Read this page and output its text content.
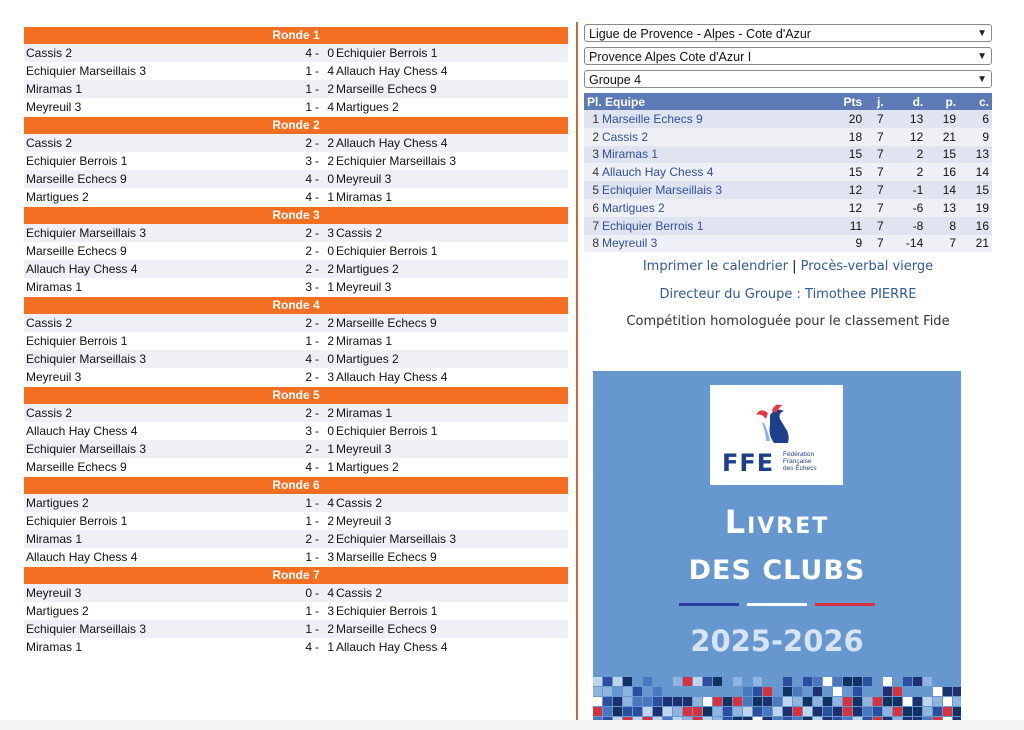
Ronde 1
Cassis 2	4 - 0 Echiquier Berrois 1
Echiquier Marseillais 3	1 - 4 Allauch Hay Chess 4
Miramas 1	1 - 2 Marseille Echecs 9
Meyreuil 3	1 - 4 Martigues 2
Ronde 2
Cassis 2	2 - 2 Allauch Hay Chess 4
Echiquier Berrois 1	3 - 2 Echiquier Marseillais 3
Marseille Echecs 9	4 - 0 Meyreuil 3
Martigues 2	4 - 1 Miramas 1
Ronde 3
Echiquier Marseillais 3	2 - 3 Cassis 2
Marseille Echecs 9	2 - 0 Echiquier Berrois 1
Allauch Hay Chess 4	2 - 2 Martigues 2
Miramas 1	3 - 1 Meyreuil 3
Ronde 4
Cassis 2	2 - 2 Marseille Echecs 9
Echiquier Berrois 1	1 - 2 Miramas 1
Echiquier Marseillais 3	4 - 0 Martigues 2
Meyreuil 3	2 - 3 Allauch Hay Chess 4
Ronde 5
Cassis 2	2 - 2 Miramas 1
Allauch Hay Chess 4	3 - 0 Echiquier Berrois 1
Echiquier Marseillais 3	2 - 1 Meyreuil 3
Marseille Echecs 9	4 - 1 Martigues 2
Ronde 6
Martigues 2	1 - 4 Cassis 2
Echiquier Berrois 1	1 - 2 Meyreuil 3
Miramas 1	2 - 2 Echiquier Marseillais 3
Allauch Hay Chess 4	1 - 3 Marseille Echecs 9
Ronde 7
Meyreuil 3	0 - 4 Cassis 2
Martigues 2	1 - 3 Echiquier Berrois 1
Echiquier Marseillais 3	1 - 2 Marseille Echecs 9
Miramas 1	4 - 1 Allauch Hay Chess 4
Ligue de Provence - Alpes - Cote d'Azur	▼
Provence Alpes Cote d'Azur I	▼
Groupe 4	▼
Pl. Equipe	Pts	j.	d.	p.	c.
1 Marseille Echecs 9	20	7	13	19	6
2 Cassis 2	18	7	12	21	9
3 Miramas 1	15	7	2	15	13
4 Allauch Hay Chess 4	15	7	2	16	14
5 Echiquier Marseillais 3	12	7	-1	14	15
6 Martigues 2	12	7	-6	13	19
7 Echiquier Berrois 1	11	7	-8	8	16
8 Meyreuil 3	9	7	-14	7	21
Imprimer le calendrier | Procès-verbal vierge
Directeur du Groupe : Timothee PIERRE
Compétition homologuée pour le classement Fide
FFE Fédération
Française
des Échecs
Livret
DES CLUBS
2025-2026
